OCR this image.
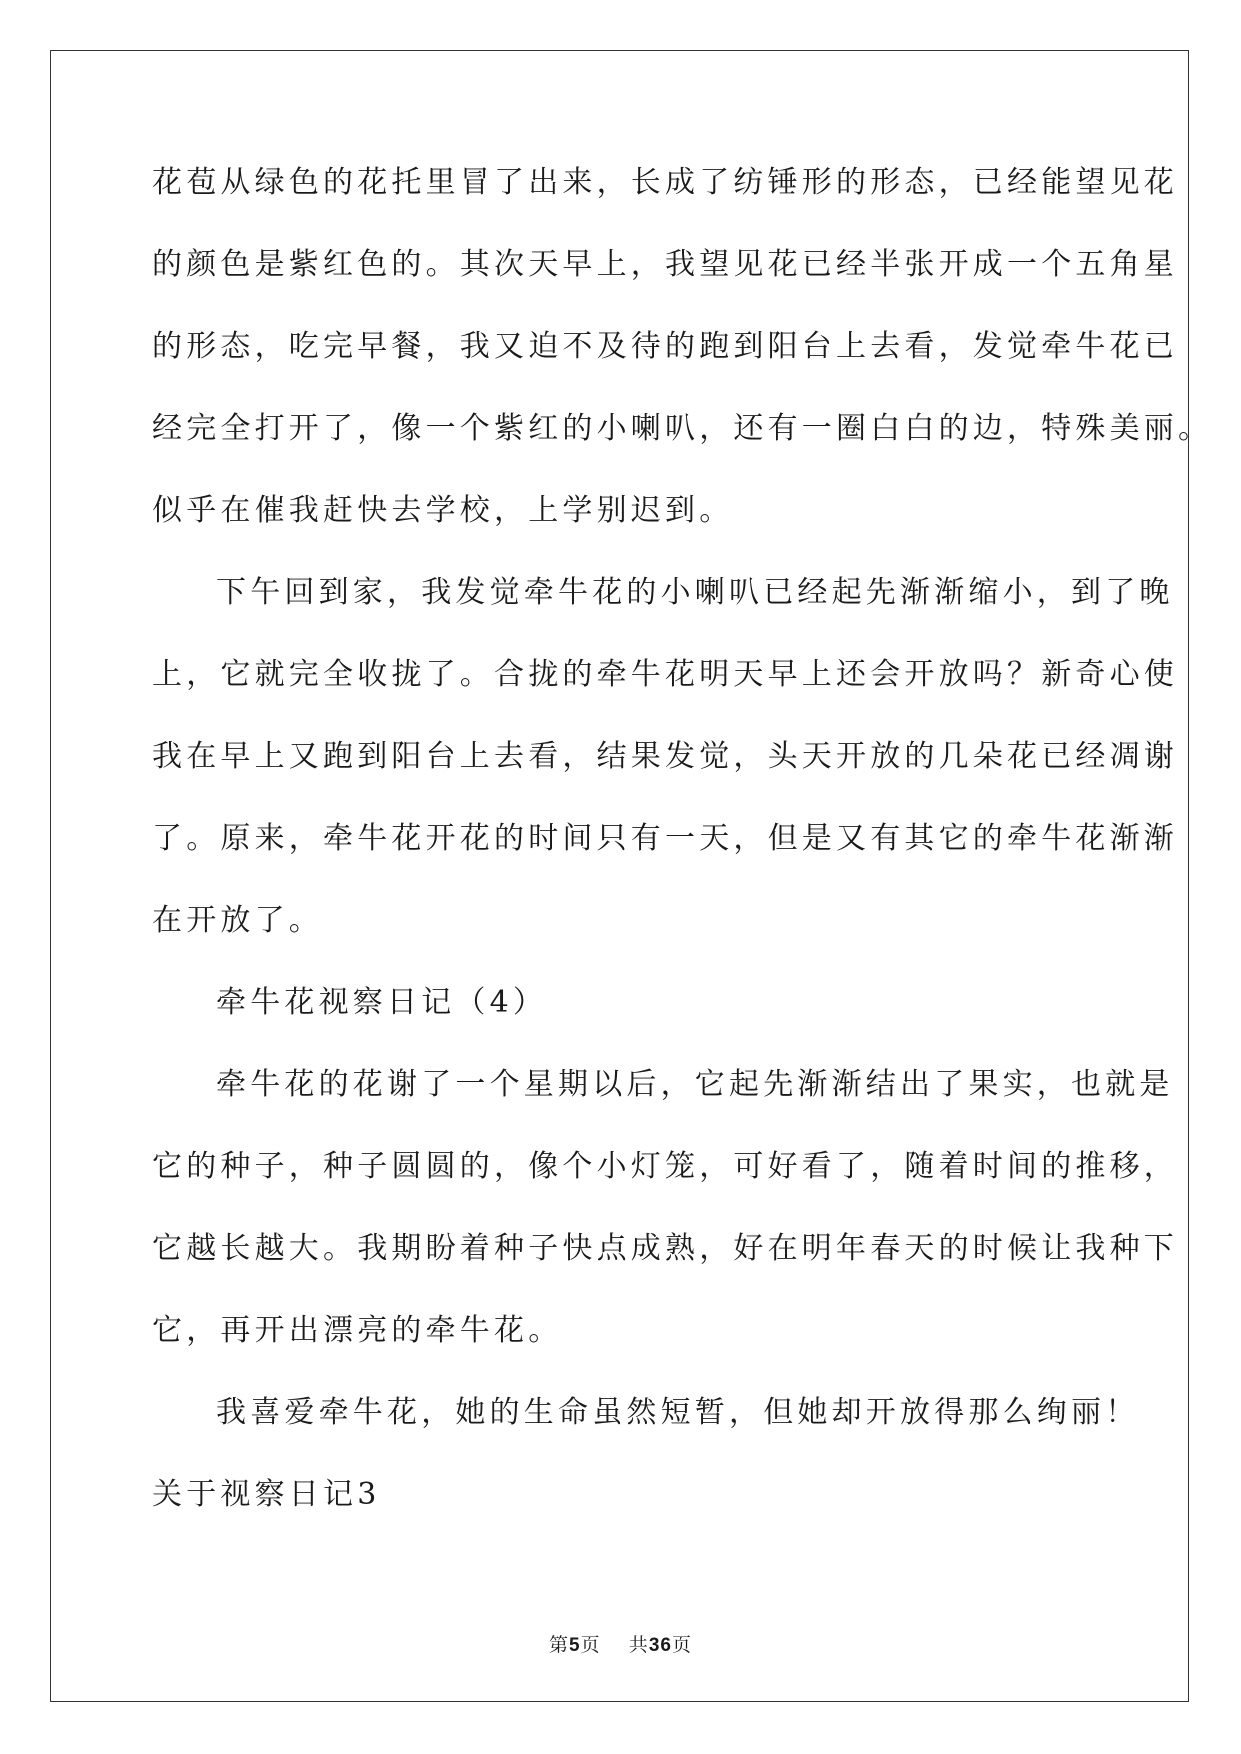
花苞从绿色的花托里冒了出来，长成了纺锤形的形态，已经能望见花
的颜色是紫红色的。其次天早上，我望见花已经半张开成一个五角星
的形态，吃完早餐，我又迫不及待的跑到阳台上去看，发觉牵牛花已
经完全打开了，像一个紫红的小喇叭，还有一圈白白的边，特殊美丽。
似乎在催我赶快去学校，上学别迟到。
下午回到家，我发觉牵牛花的小喇叭已经起先渐渐缩小，到了晚
上，它就完全收拢了。合拢的牵牛花明天早上还会开放吗？新奇心使
我在早上又跑到阳台上去看，结果发觉，头天开放的几朵花已经凋谢
了。原来，牵牛花开花的时间只有一天，但是又有其它的牵牛花渐渐
在开放了。
牵牛花视察日记（4）
牵牛花的花谢了一个星期以后，它起先渐渐结出了果实，也就是
它的种子，种子圆圆的，像个小灯笼，可好看了，随着时间的推移，
它越长越大。我期盼着种子快点成熟，好在明年春天的时候让我种下
它，再开出漂亮的牵牛花。
我喜爱牵牛花，她的生命虽然短暂，但她却开放得那么绚丽！
关于视察日记3
第5页 共36页
